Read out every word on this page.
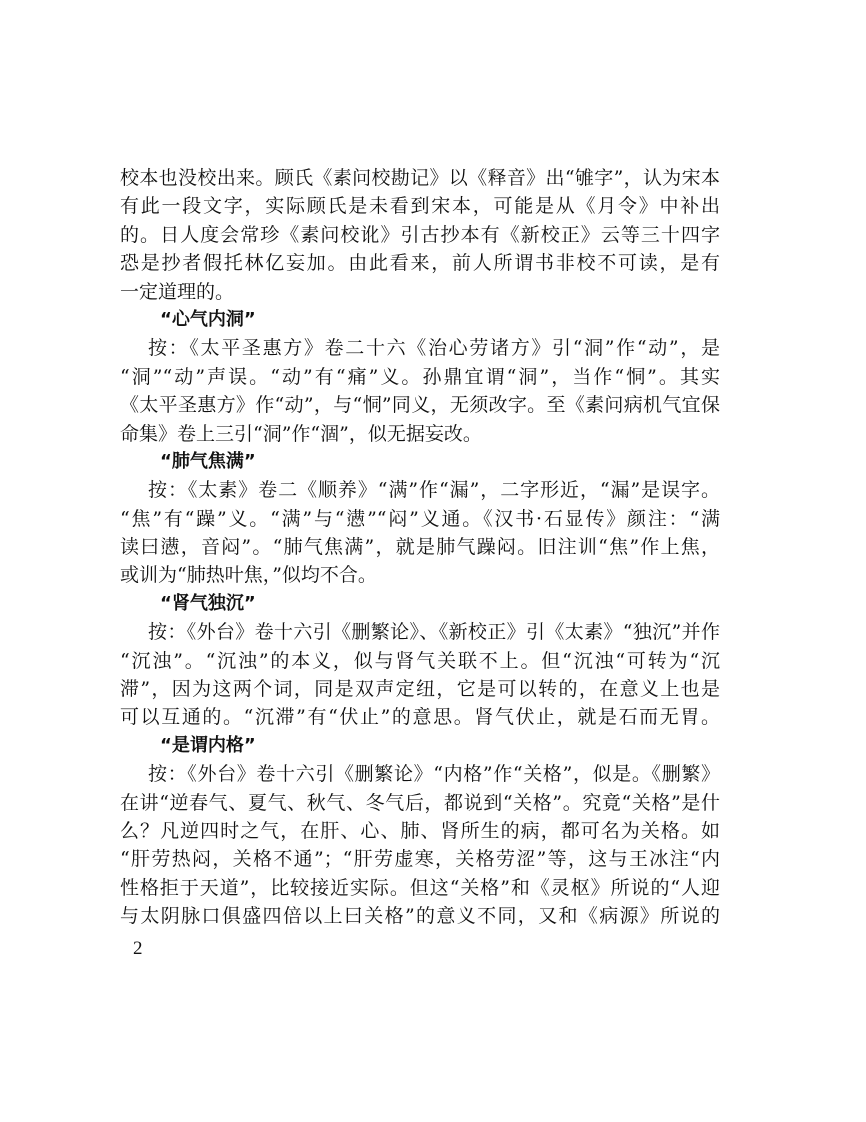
校本也没校出来。顾氏《素问校勘记》以《释音》出“雊字”，认为宋本
有此一段文字，实际顾氏是未看到宋本，可能是从《月令》中补出
的。日人度会常珍《素问校讹》引古抄本有《新校正》云等三十四字
恐是抄者假托林亿妄加。由此看来，前人所谓书非校不可读，是有
一定道理的。
“心气内洞”
按：《太平圣惠方》卷二十六《治心劳诸方》引“洞”作“动”，是
“洞”“动”声误。“动”有“痛”义。孙鼎宜谓“洞”，当作“恫”。其实
《太平圣惠方》作“动”，与“恫”同义，无须改字。至《素问病机气宜保
命集》卷上三引“洞”作“涸”，似无据妄改。
“肺气焦满”
按：《太素》卷二《顺养》“满”作“漏”，二字形近，“漏”是误字。
“焦”有“躁”义。“满”与“懑”“闷”义通。《汉书·石显传》颜注：“满
读曰懑，音闷”。“肺气焦满”，就是肺气躁闷。旧注训“焦”作上焦，
或训为“肺热叶焦，”似均不合。
“肾气独沉”
按：《外台》卷十六引《删繁论》、《新校正》引《太素》“独沉”并作
“沉浊”。“沉浊”的本义，似与肾气关联不上。但“沉浊“可转为“沉
滞”，因为这两个词，同是双声定纽，它是可以转的，在意义上也是
可以互通的。“沉滞”有“伏止”的意思。肾气伏止，就是石而无胃。
“是谓内格”
按：《外台》卷十六引《删繁论》“内格”作“关格”，似是。《删繁》
在讲“逆春气、夏气、秋气、冬气后，都说到“关格”。究竟“关格”是什
么？凡逆四时之气，在肝、心、肺、肾所生的病，都可名为关格。如
“肝劳热闷，关格不通”；“肝劳虚寒，关格劳涩”等，这与王冰注“内
性格拒于天道”，比较接近实际。但这“关格”和《灵枢》所说的“人迎
与太阴脉口俱盛四倍以上曰关格”的意义不同，又和《病源》所说的
2
